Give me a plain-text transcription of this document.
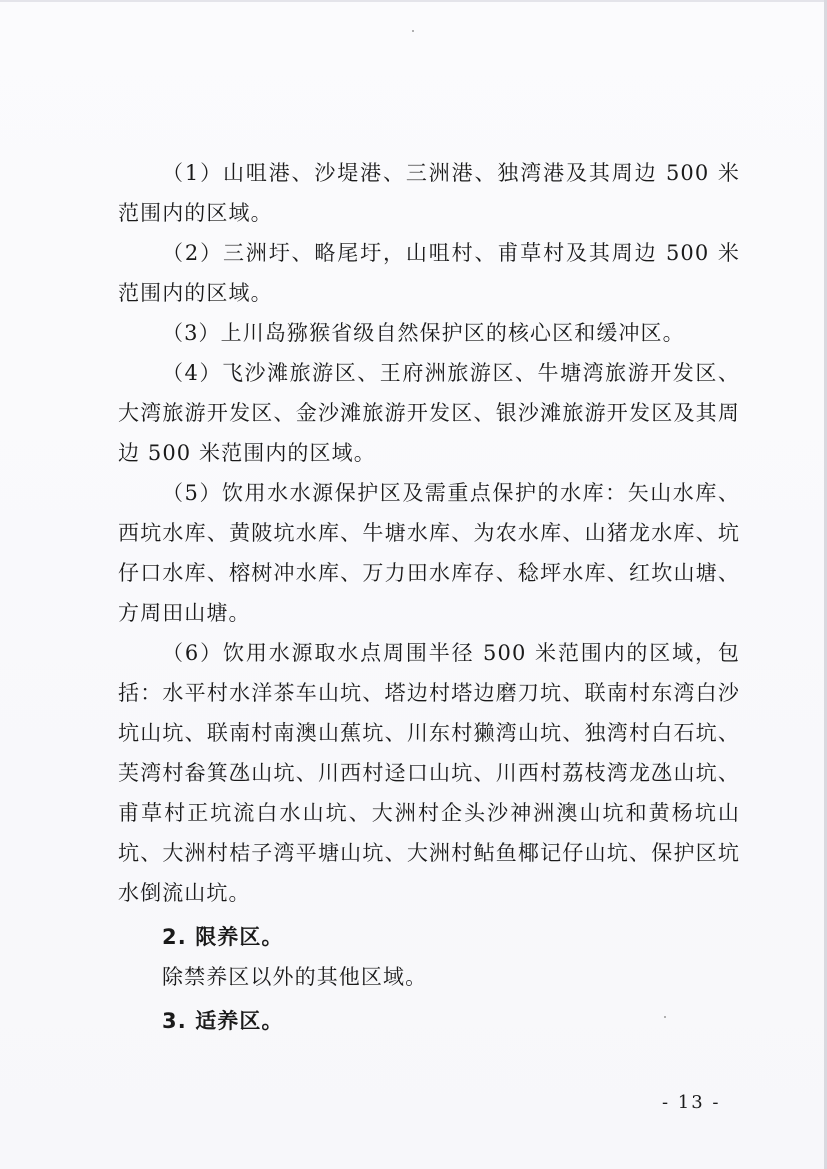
（1）山咀港、沙堤港、三洲港、独湾港及其周边 500 米范围内的区域。

（2）三洲圩、略尾圩，山咀村、甫草村及其周边 500 米范围内的区域。

（3）上川岛猕猴省级自然保护区的核心区和缓冲区。

（4）飞沙滩旅游区、王府洲旅游区、牛塘湾旅游开发区、大湾旅游开发区、金沙滩旅游开发区、银沙滩旅游开发区及其周边 500 米范围内的区域。

（5）饮用水水源保护区及需重点保护的水库：矢山水库、西坑水库、黄陂坑水库、牛塘水库、为农水库、山猪龙水库、坑仔口水库、榕树冲水库、万力田水库存、稔坪水库、红坎山塘、方周田山塘。

（6）饮用水源取水点周围半径 500 米范围内的区域，包括：水平村水洋茶车山坑、塔边村塔边磨刀坑、联南村东湾白沙坑山坑、联南村南澳山蕉坑、川东村獭湾山坑、独湾村白石坑、芙湾村畚箕氹山坑、川西村迳口山坑、川西村荔枝湾龙氹山坑、甫草村正坑流白水山坑、大洲村企头沙神洲澳山坑和黄杨坑山坑、大洲村桔子湾平塘山坑、大洲村鲇鱼椰记仔山坑、保护区坑水倒流山坑。

2. 限养区。

除禁养区以外的其他区域。

3. 适养区。

- 13 -
